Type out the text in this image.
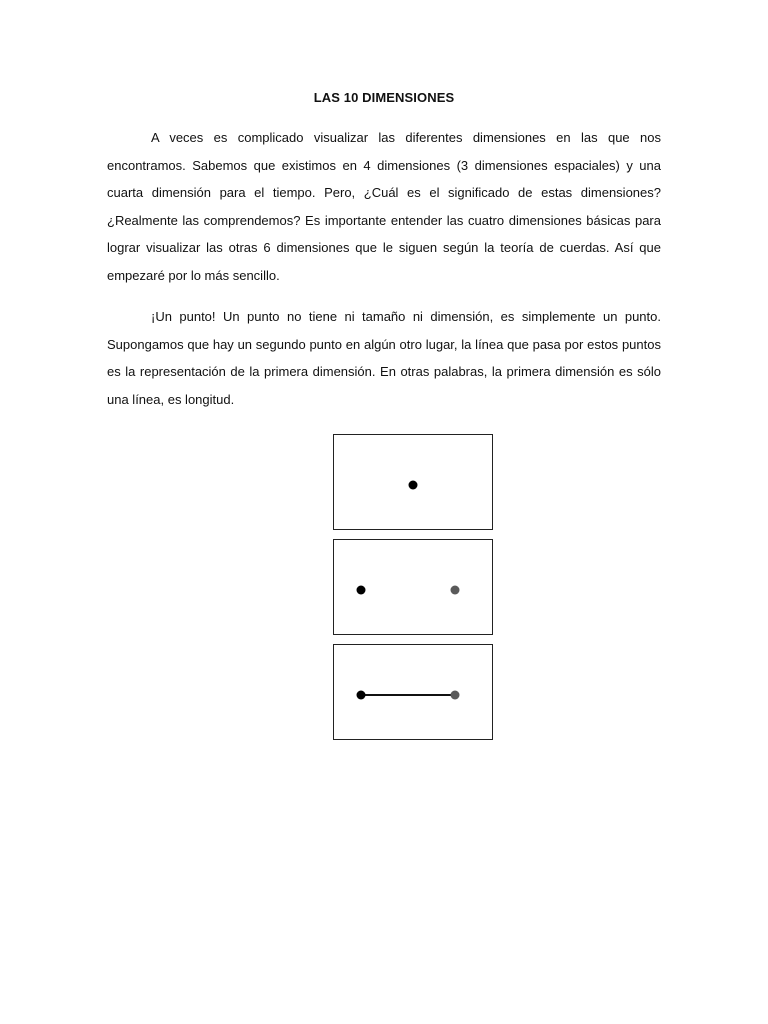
LAS 10 DIMENSIONES

A veces es complicado visualizar las diferentes dimensiones en las que nos encontramos. Sabemos que existimos en 4 dimensiones (3 dimensiones espaciales) y una cuarta dimensión para el tiempo. Pero, ¿Cuál es el significado de estas dimensiones? ¿Realmente las comprendemos? Es importante entender las cuatro dimensiones básicas para lograr visualizar las otras 6 dimensiones que le siguen según la teoría de cuerdas. Así que empezaré por lo más sencillo.

¡Un punto! Un punto no tiene ni tamaño ni dimensión, es simplemente un punto. Supongamos que hay un segundo punto en algún otro lugar, la línea que pasa por estos puntos es la representación de la primera dimensión. En otras palabras, la primera dimensión es sólo una línea, es longitud.
